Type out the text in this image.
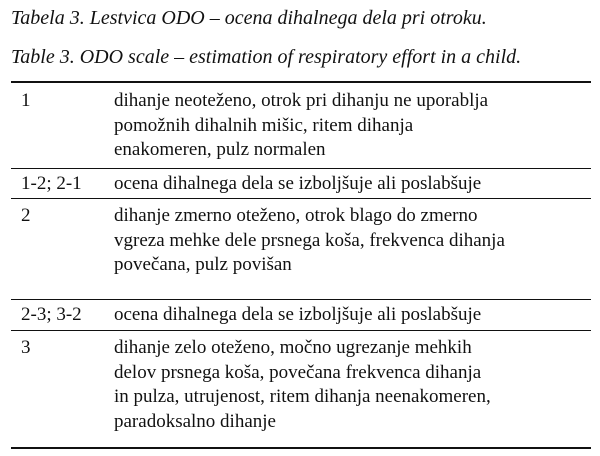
Tabela 3. Lestvica ODO – ocena dihalnega dela pri otroku.
Table 3. ODO scale – estimation of respiratory effort in a child.
1	dihanje neoteženo, otrok pri dihanju ne uporablja
pomožnih dihalnih mišic, ritem dihanja
enakomeren, pulz normalen
1-2; 2-1 ocena dihalnega dela se izboljšuje ali poslabšuje
2	dihanje zmerno oteženo, otrok blago do zmerno
vgreza mehke dele prsnega koša, frekvenca dihanja
povečana, pulz povišan
2-3; 3-2 ocena dihalnega dela se izboljšuje ali poslabšuje
3	dihanje zelo oteženo, močno ugrezanje mehkih
delov prsnega koša, povečana frekvenca dihanja
in pulza, utrujenost, ritem dihanja neenakomeren,
paradoksalno dihanje
